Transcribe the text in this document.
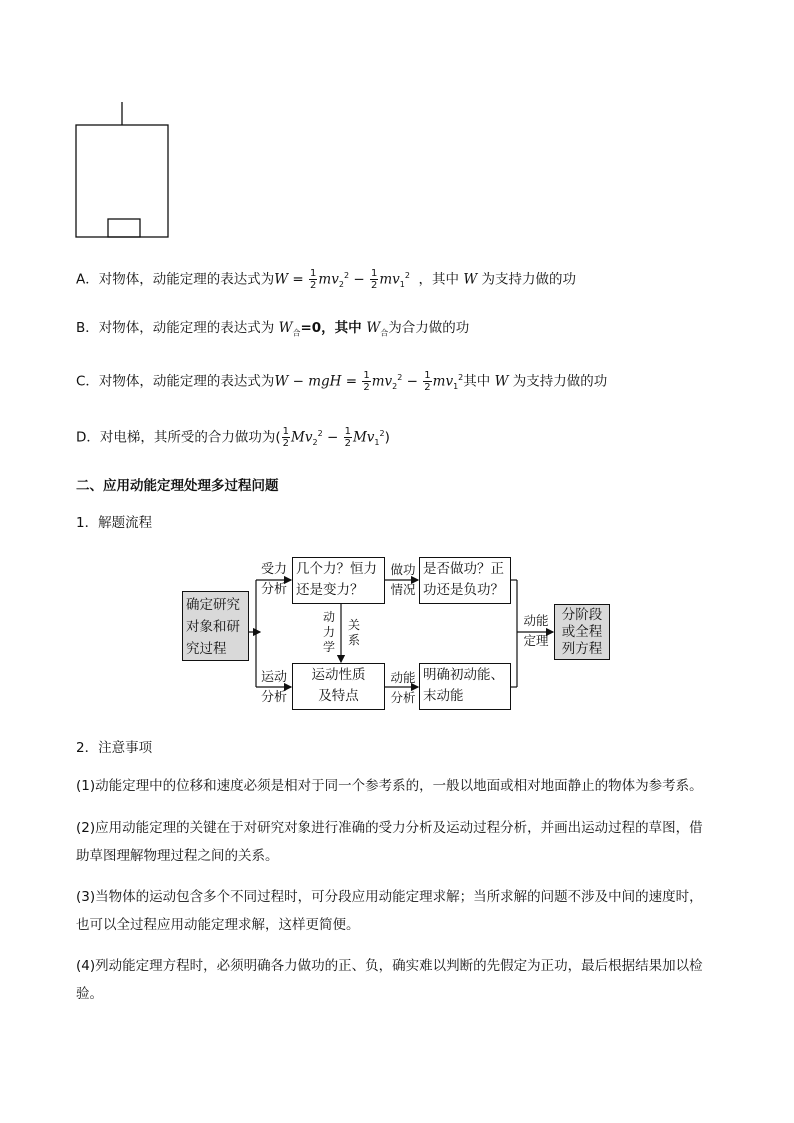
A．对物体，动能定理的表达式为$W = \frac{1}{2} mv_2^2 - \frac{1}{2} mv_1^2$ ，其中 W 为支持力做的功
B．对物体，动能定理的表达式为 $W_合=0$，其中 $W_合$为合力做的功
C．对物体，动能定理的表达式为W − mgH = $\frac{1}{2} mv_2^2 - \frac{1}{2} mv_1^2$其中 W 为支持力做的功
D．对电梯，其所受的合力做功为( $\frac{1}{2} Mv_2^2 - \frac{1}{2} Mv_1^2$)
二、应用动能定理处理多过程问题
1．解题流程
确定研究对象和研究过程
受力分析
几个力？恒力还是变力？
做功情况
是否做功？正功还是负功？
动力学
关系
运动分析
运动性质及特点
动能分析
明确初动能、末动能
动能定理
分阶段或全程列方程
2．注意事项
(1)动能定理中的位移和速度必须是相对于同一个参考系的，一般以地面或相对地面静止的物体为参考系。
(2)应用动能定理的关键在于对研究对象进行准确的受力分析及运动过程分析，并画出运动过程的草图，借助草图理解物理过程之间的关系。
(3)当物体的运动包含多个不同过程时，可分段应用动能定理求解；当所求解的问题不涉及中间的速度时，也可以全过程应用动能定理求解，这样更简便。
(4)列动能定理方程时，必须明确各力做功的正、负，确实难以判断的先假定为正功，最后根据结果加以检验。
